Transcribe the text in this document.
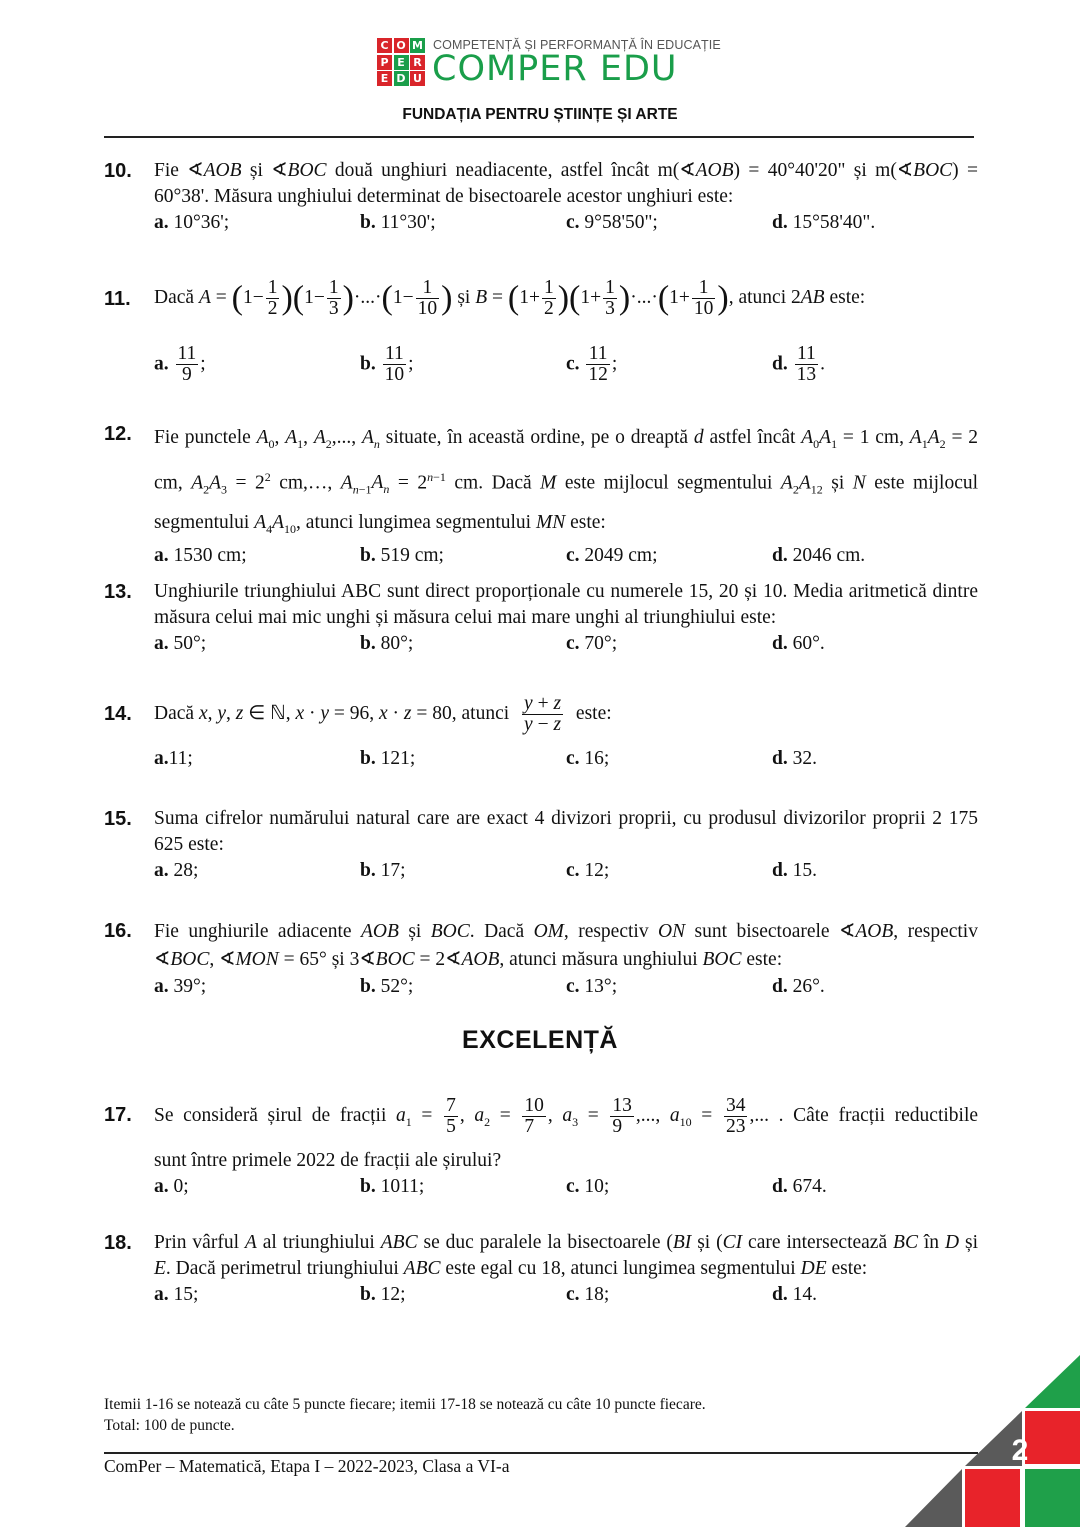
C O M
P E R
E D U
COMPETENȚĂ ȘI PERFORMANȚĂ ÎN EDUCAȚIE
COMPER EDU
FUNDAȚIA PENTRU ȘTIINȚE ȘI ARTE
10. Fie ∢AOB și ∢BOC două unghiuri neadiacente, astfel încât m(∢AOB) = 40°40'20" și m(∢BOC) = 60°38'. Măsura unghiului determinat de bisectoarele acestor unghiuri este:
a. 10°36';	b. 11°30';	c. 9°58'50";	d. 15°58'40".
11. Dacă $A = (1- \frac{1}{2} )(1- \frac{1}{3} )\cdot...\cdot(1- \frac{1}{10}$ ) și $B = (1+ \frac{1}{2} )(1+ \frac{1}{3} )\cdot...\cdot(1+ \frac{1}{10}$ ), atunci 2AB este:
a. $\frac{11}{9}$ ;	b. $\frac{11}{10}$ ;	c. $\frac{11}{12}$ ;	d. $\frac{11}{13}$ .
12. Fie punctele $A_0$, $A_1$, $A_2$,..., $A_n$ situate, în această ordine, pe o dreaptă d astfel încât $A_0A_1 = 1$ cm, $A_1A_2 = 2$ cm, $A_2A_3 = 2^2$ cm,…, $A_{n-1}A_n = 2^{n-1}$ cm. Dacă M este mijlocul segmentului $A_2A_{12}$ și N este mijlocul segmentului $A_4A_{10}$, atunci lungimea segmentului MN este:
a. 1530 cm;	b. 519 cm;	c. 2049 cm;	d. 2046 cm.
13. Unghiurile triunghiului ABC sunt direct proporționale cu numerele 15, 20 și 10. Media aritmetică dintre măsura celui mai mic unghi și măsura celui mai mare unghi al triunghiului este:
a. 50°;	b. 80°;	c. 70°;	d. 60°.
14. Dacă x, y, z ∈ ℕ, x · y = 96, x · z = 80, atunci $\frac{y + z}{y - z}$ este:
a.11;	b. 121;	c. 16;	d. 32.
15. Suma cifrelor numărului natural care are exact 4 divizori proprii, cu produsul divizorilor proprii 2 175 625 este:
a. 28;	b. 17;	c. 12;	d. 15.
16. Fie unghiurile adiacente AOB și BOC. Dacă OM, respectiv ON sunt bisectoarele ∢AOB, respectiv ∢BOC, ∢MON = 65° și 3∢BOC = 2∢AOB, atunci măsura unghiului BOC este:
a. 39°;	b. 52°;	c. 13°;	d. 26°.
EXCELENȚĂ
17. Se consideră șirul de fracții $a_1 = \frac{7}{5}$ , $a_2 = \frac{10}{7}$ , $a_3 = \frac{13}{9}$ ,..., $a_{10} = \frac{34}{23}$ ,... . Câte fracții reductibile
sunt între primele 2022 de fracții ale șirului?
a. 0;	b. 1011;	c. 10;	d. 674.
18. Prin vârful A al triunghiului ABC se duc paralele la bisectoarele (BI și (CI care intersectează BC în D și E. Dacă perimetrul triunghiului ABC este egal cu 18, atunci lungimea segmentului DE este:
a. 15;	b. 12;	c. 18;	d. 14.
Itemii 1-16 se notează cu câte 5 puncte fiecare; itemii 17-18 se notează cu câte 10 puncte fiecare.
Total: 100 de puncte.
ComPer – Matematică, Etapa I – 2022-2023, Clasa a VI-a	2
